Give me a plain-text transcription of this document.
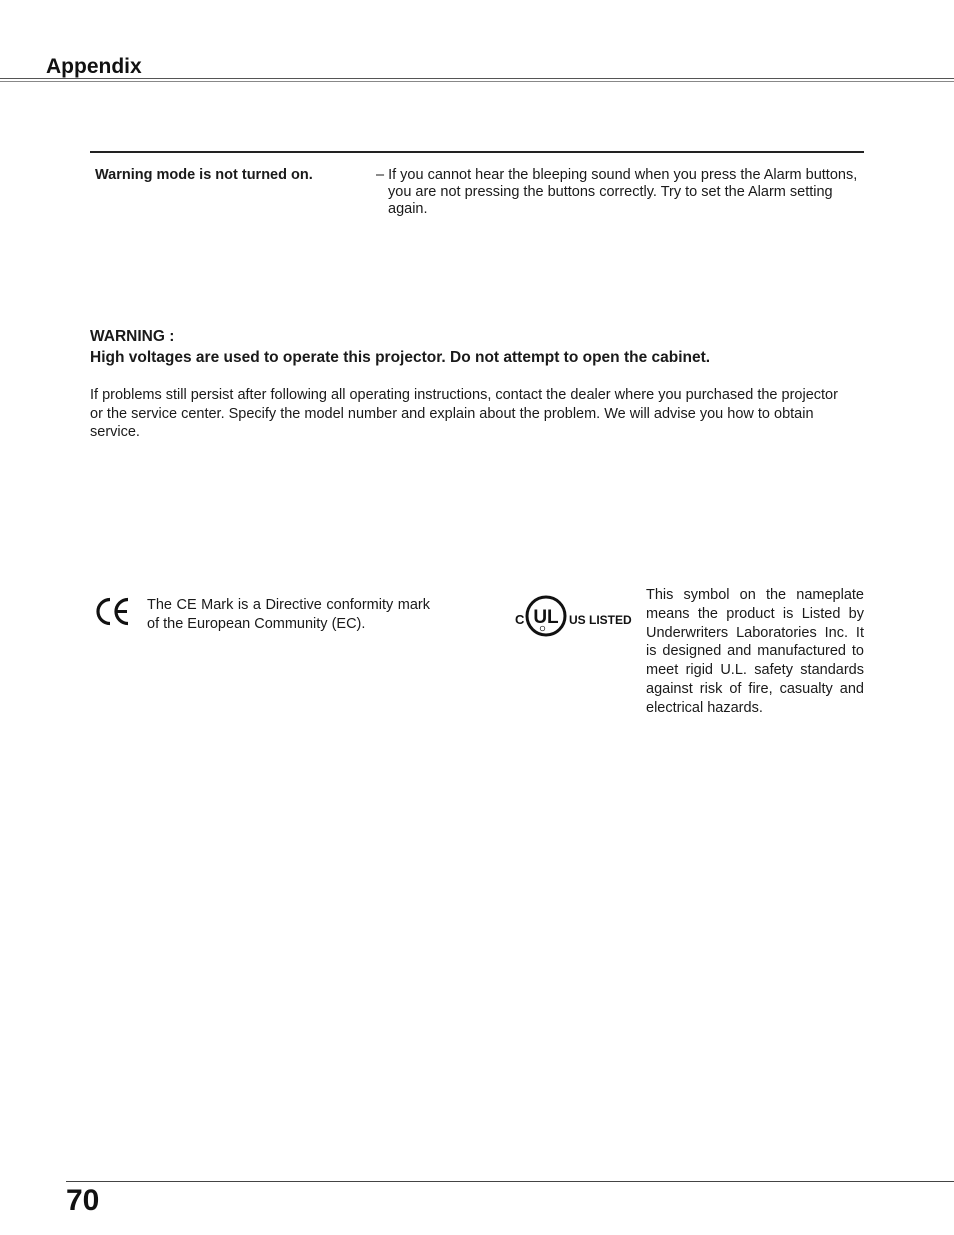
Appendix
Warning mode is not turned on.	– If you cannot hear the bleeping sound when you press the Alarm buttons, you are not pressing the buttons correctly. Try to set the Alarm setting again.
WARNING :
High voltages are used to operate this projector. Do not attempt to open the cabinet.
If problems still persist after following all operating instructions, contact the dealer where you purchased the projector or the service center. Specify the model number and explain about the problem. We will advise you how to obtain service.
The CE Mark is a Directive conformity mark of the European Community (EC).	C UL US LISTED
This symbol on the nameplate means the product is Listed by Underwriters Laboratories Inc. It is designed and manufactured to meet rigid U.L. safety standards against risk of fire, casualty and electrical hazards.
70
